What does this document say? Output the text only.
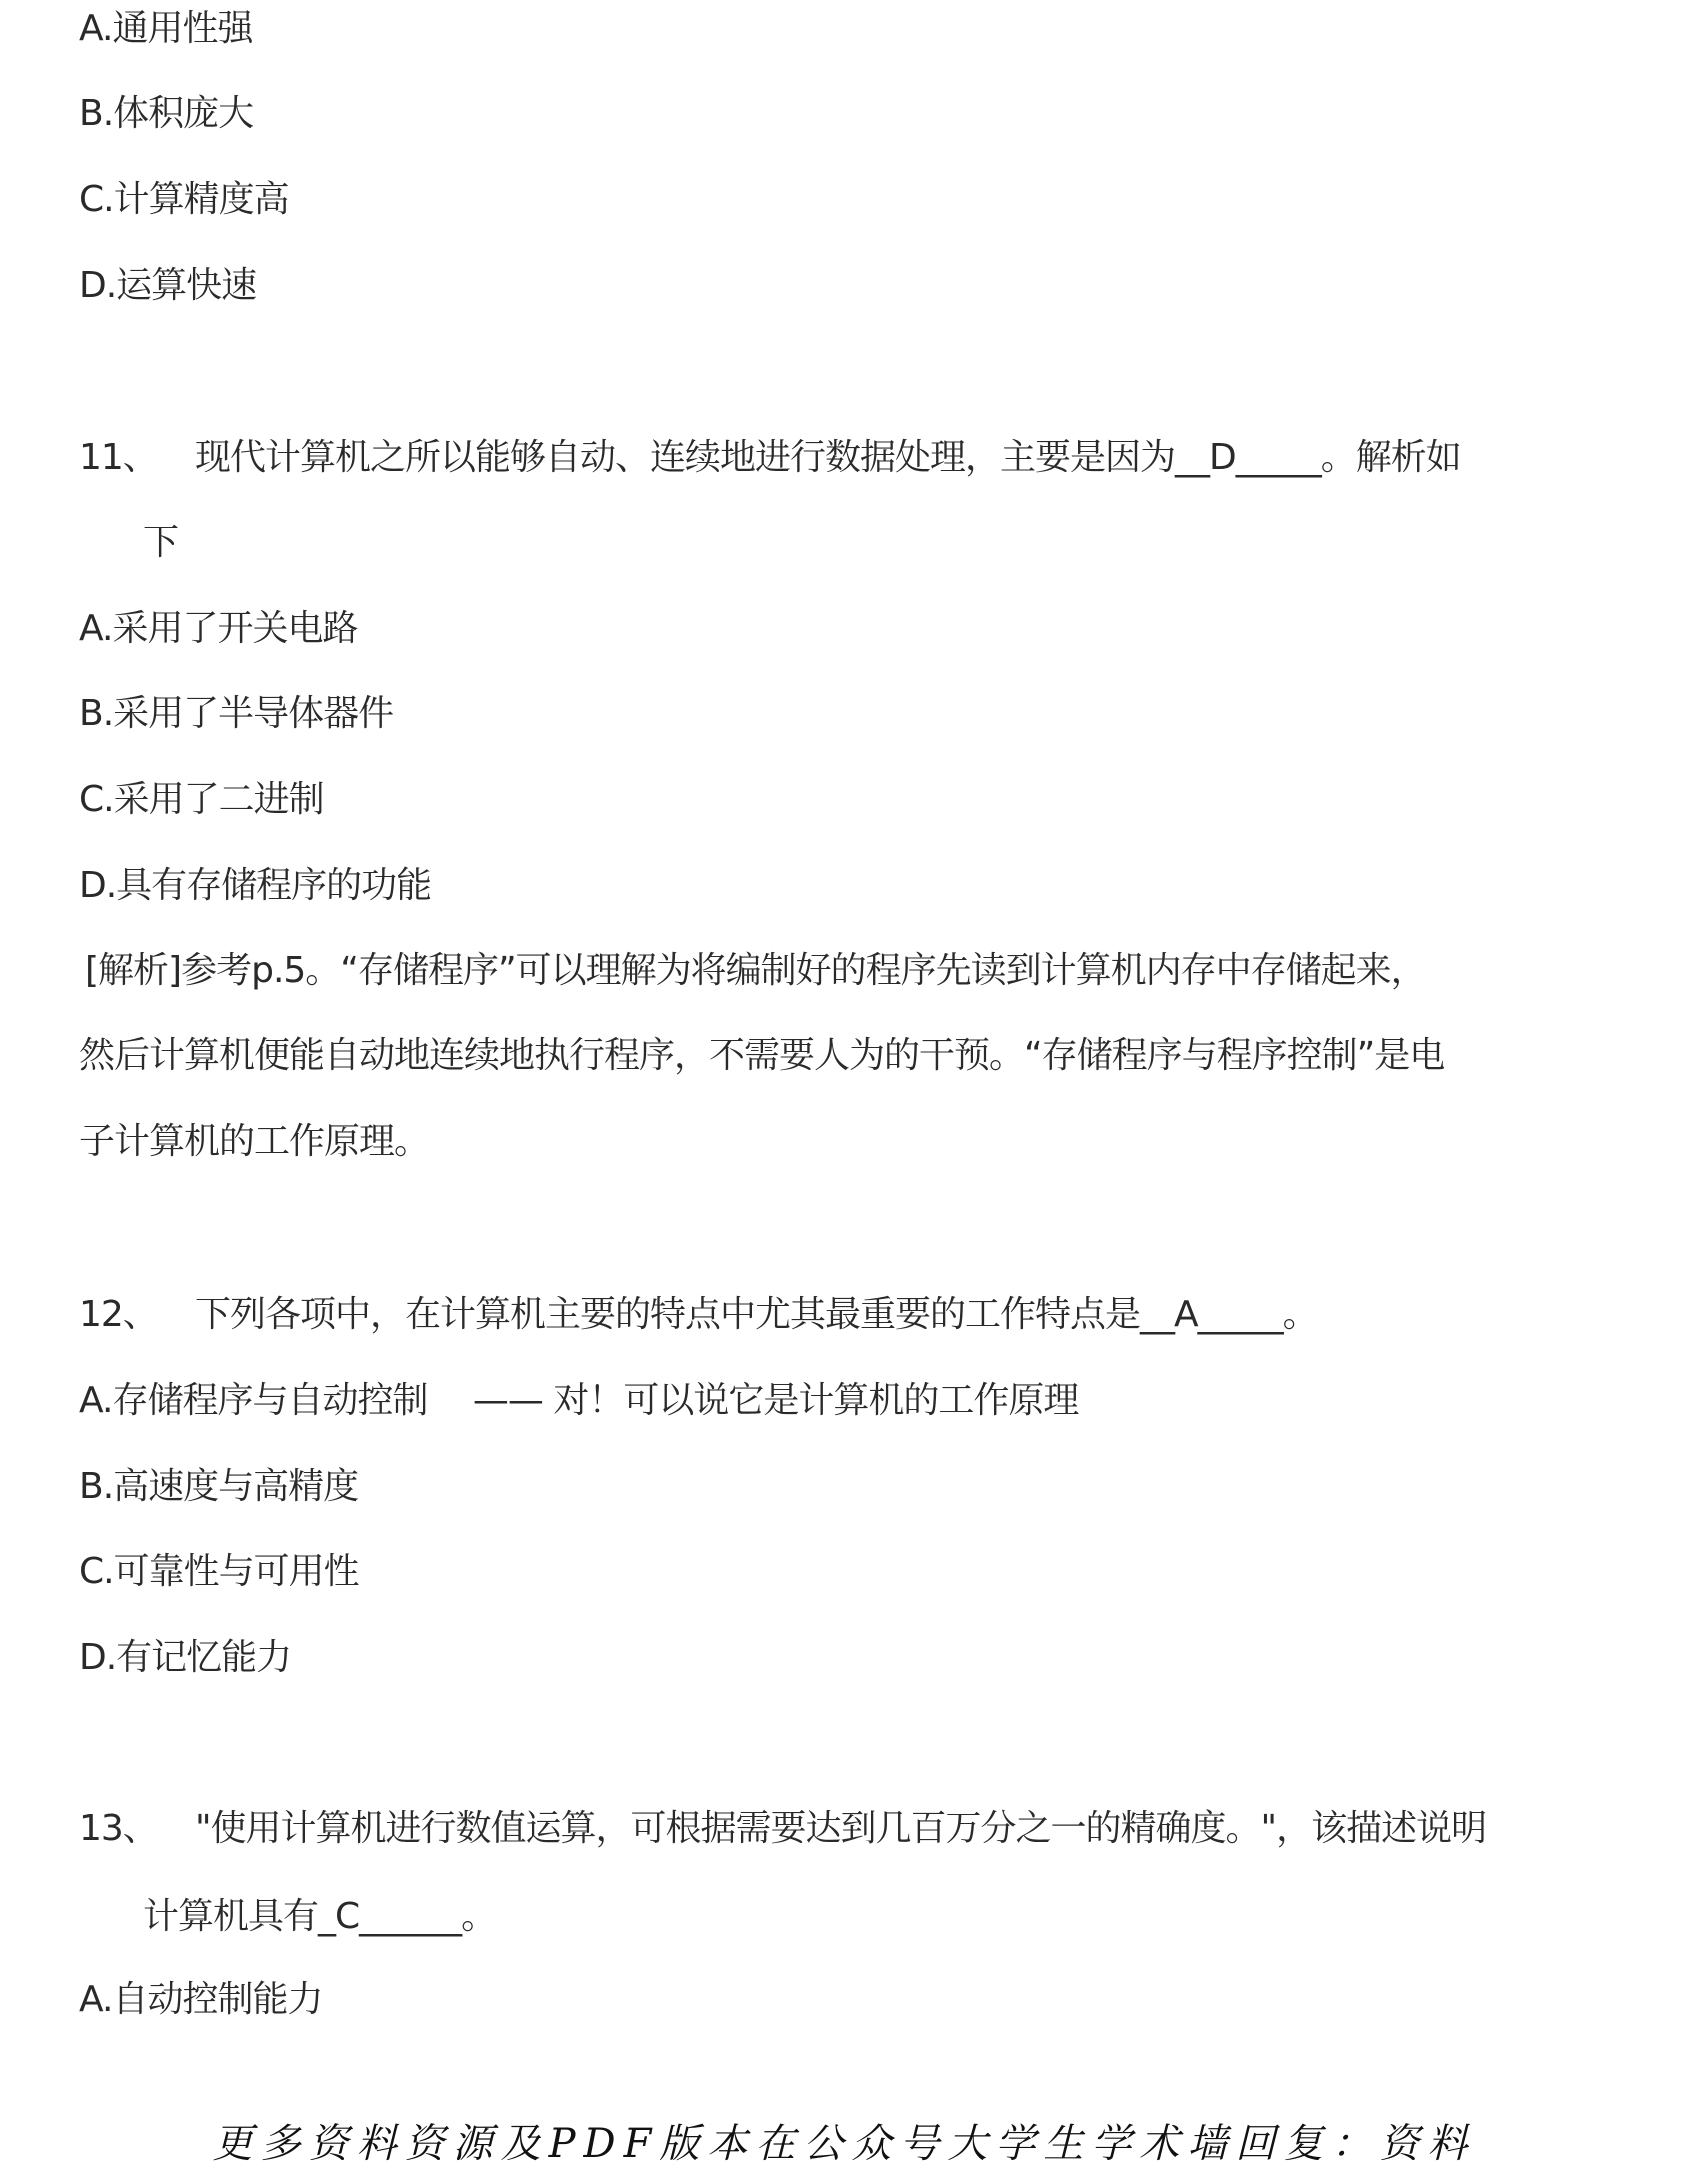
A.通用性强
B.体积庞大
C.计算精度高
D.运算快速
11、 现代计算机之所以能够自动、连续地进行数据处理，主要是因为__D_____。解析如
下
A.采用了开关电路
B.采用了半导体器件
C.采用了二进制
D.具有存储程序的功能
[解析]参考p.5。“存储程序”可以理解为将编制好的程序先读到计算机内存中存储起来，
然后计算机便能自动地连续地执行程序，不需要人为的干预。“存储程序与程序控制”是电
子计算机的工作原理。
12、 下列各项中，在计算机主要的特点中尤其最重要的工作特点是__A_____。
A.存储程序与自动控制　 —— 对！可以说它是计算机的工作原理
B.高速度与高精度
C.可靠性与可用性
D.有记忆能力
13、 "使用计算机进行数值运算，可根据需要达到几百万分之一的精确度。"，该描述说明
计算机具有_C______。
A.自动控制能力
更多资料资源及PDF版本在公众号大学生学术墙回复：资料
